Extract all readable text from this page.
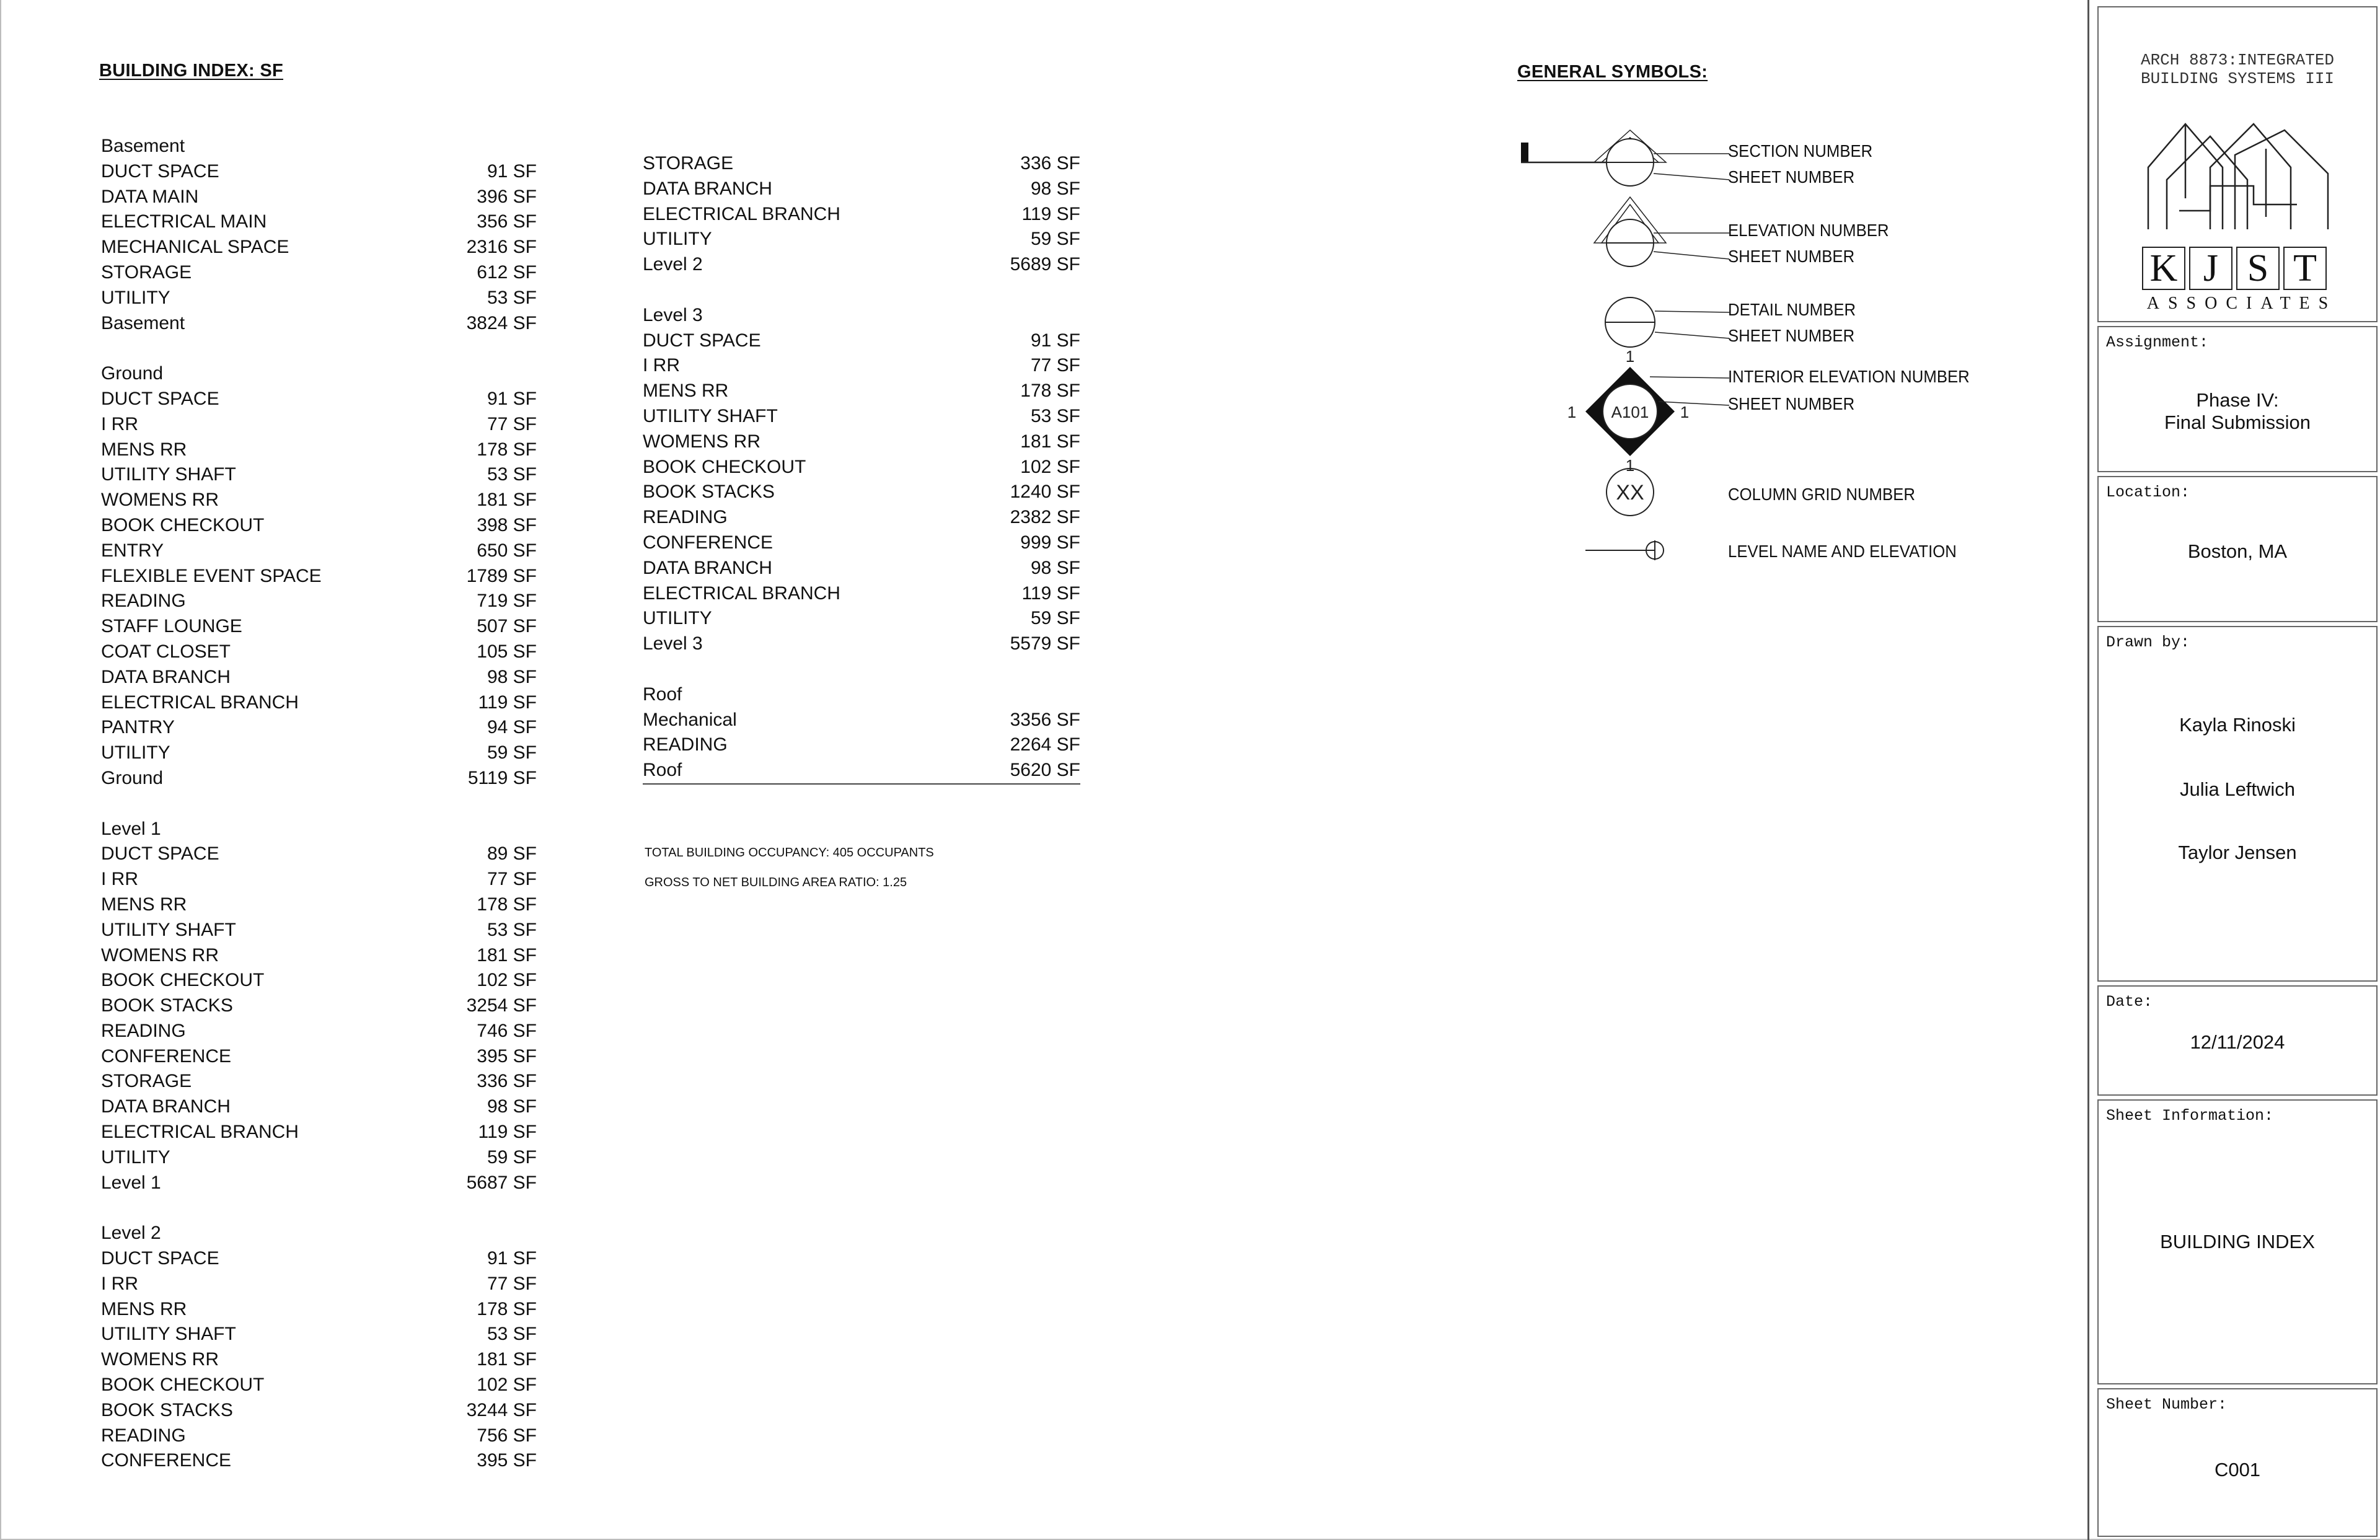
BUILDING INDEX: SF
Basement
DUCT SPACE	91 SF
DATA MAIN	396 SF
ELECTRICAL MAIN	356 SF
MECHANICAL SPACE	2316 SF
STORAGE	612 SF
UTILITY	53 SF
Basement	3824 SF
Ground
DUCT SPACE	91 SF
I RR	77 SF
MENS RR	178 SF
UTILITY SHAFT	53 SF
WOMENS RR	181 SF
BOOK CHECKOUT	398 SF
ENTRY	650 SF
FLEXIBLE EVENT SPACE	1789 SF
READING	719 SF
STAFF LOUNGE	507 SF
COAT CLOSET	105 SF
DATA BRANCH	98 SF
ELECTRICAL BRANCH	119 SF
PANTRY	94 SF
UTILITY	59 SF
Ground	5119 SF
Level 1
DUCT SPACE	89 SF
I RR	77 SF
MENS RR	178 SF
UTILITY SHAFT	53 SF
WOMENS RR	181 SF
BOOK CHECKOUT	102 SF
BOOK STACKS	3254 SF
READING	746 SF
CONFERENCE	395 SF
STORAGE	336 SF
DATA BRANCH	98 SF
ELECTRICAL BRANCH	119 SF
UTILITY	59 SF
Level 1	5687 SF
Level 2
DUCT SPACE	91 SF
I RR	77 SF
MENS RR	178 SF
UTILITY SHAFT	53 SF
WOMENS RR	181 SF
BOOK CHECKOUT	102 SF
BOOK STACKS	3244 SF
READING	756 SF
CONFERENCE	395 SF
STORAGE	336 SF
DATA BRANCH	98 SF
ELECTRICAL BRANCH	119 SF
UTILITY	59 SF
Level 2	5689 SF
Level 3
DUCT SPACE	91 SF
I RR	77 SF
MENS RR	178 SF
UTILITY SHAFT	53 SF
WOMENS RR	181 SF
BOOK CHECKOUT	102 SF
BOOK STACKS	1240 SF
READING	2382 SF
CONFERENCE	999 SF
DATA BRANCH	98 SF
ELECTRICAL BRANCH	119 SF
UTILITY	59 SF
Level 3	5579 SF
Roof
Mechanical	3356 SF
READING	2264 SF
Roof	5620 SF
TOTAL BUILDING OCCUPANCY: 405 OCCUPANTS
GROSS TO NET BUILDING AREA RATIO: 1.25
GENERAL SYMBOLS:
A101
XX
1
1	1
1
SECTION NUMBER
SHEET NUMBER
ELEVATION NUMBER
SHEET NUMBER
DETAIL NUMBER
SHEET NUMBER
INTERIOR ELEVATION NUMBER
SHEET NUMBER
COLUMN GRID NUMBER
LEVEL NAME AND ELEVATION
ARCH 8873:INTEGRATED
BUILDING SYSTEMS III
K J S T
ASSOCIATES
Assignment:
Phase IV:
Final Submission
Location:
Boston, MA
Drawn by:
Kayla Rinoski
Julia Leftwich
Taylor Jensen
Date:
12/11/2024
Sheet Information:
BUILDING INDEX
Sheet Number:
C001
